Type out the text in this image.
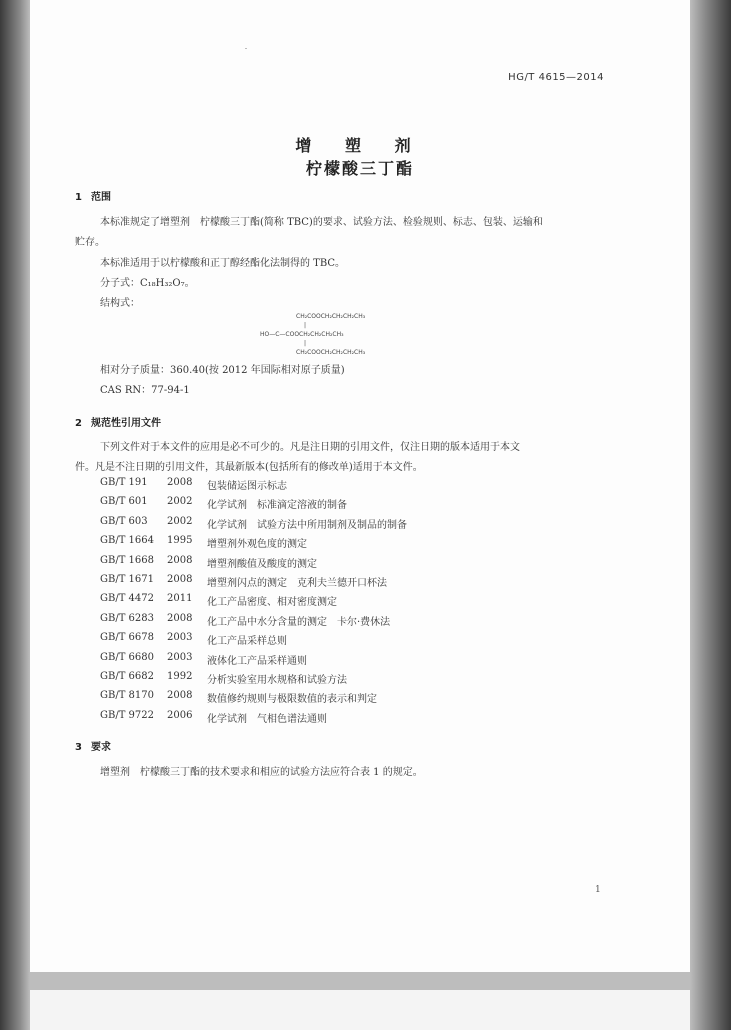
HG/T 4615—2014
增 塑 剂
柠檬酸三丁酯
1 范围
本标准规定了增塑剂　柠檬酸三丁酯(简称 TBC)的要求、试验方法、检验规则、标志、包装、运输和
贮存。
本标准适用于以柠檬酸和正丁醇经酯化法制得的 TBC。
分子式：C₁₈H₃₂O₇。
结构式：
CH₂COOCH₂CH₂CH₂CH₃
|
HO—C—COOCH₂CH₂CH₂CH₃
|
CH₂COOCH₂CH₂CH₂CH₃
相对分子质量：360.40(按 2012 年国际相对原子质量)
CAS RN：77-94-1
2 规范性引用文件
下列文件对于本文件的应用是必不可少的。凡是注日期的引用文件，仅注日期的版本适用于本文
件。凡是不注日期的引用文件，其最新版本(包括所有的修改单)适用于本文件。
GB/T 191	2008	包装储运图示标志
GB/T 601	2002	化学试剂　标准滴定溶液的制备
GB/T 603	2002	化学试剂　试验方法中所用制剂及制品的制备
GB/T 1664	1995	增塑剂外观色度的测定
GB/T 1668	2008	增塑剂酸值及酸度的测定
GB/T 1671	2008	增塑剂闪点的测定　克利夫兰德开口杯法
GB/T 4472	2011	化工产品密度、相对密度测定
GB/T 6283	2008	化工产品中水分含量的测定　卡尔·费休法
GB/T 6678	2003	化工产品采样总则
GB/T 6680	2003	液体化工产品采样通则
GB/T 6682	1992	分析实验室用水规格和试验方法
GB/T 8170	2008	数值修约规则与极限数值的表示和判定
GB/T 9722	2006	化学试剂　气相色谱法通则
3 要求
增塑剂　柠檬酸三丁酯的技术要求和相应的试验方法应符合表 1 的规定。
1
